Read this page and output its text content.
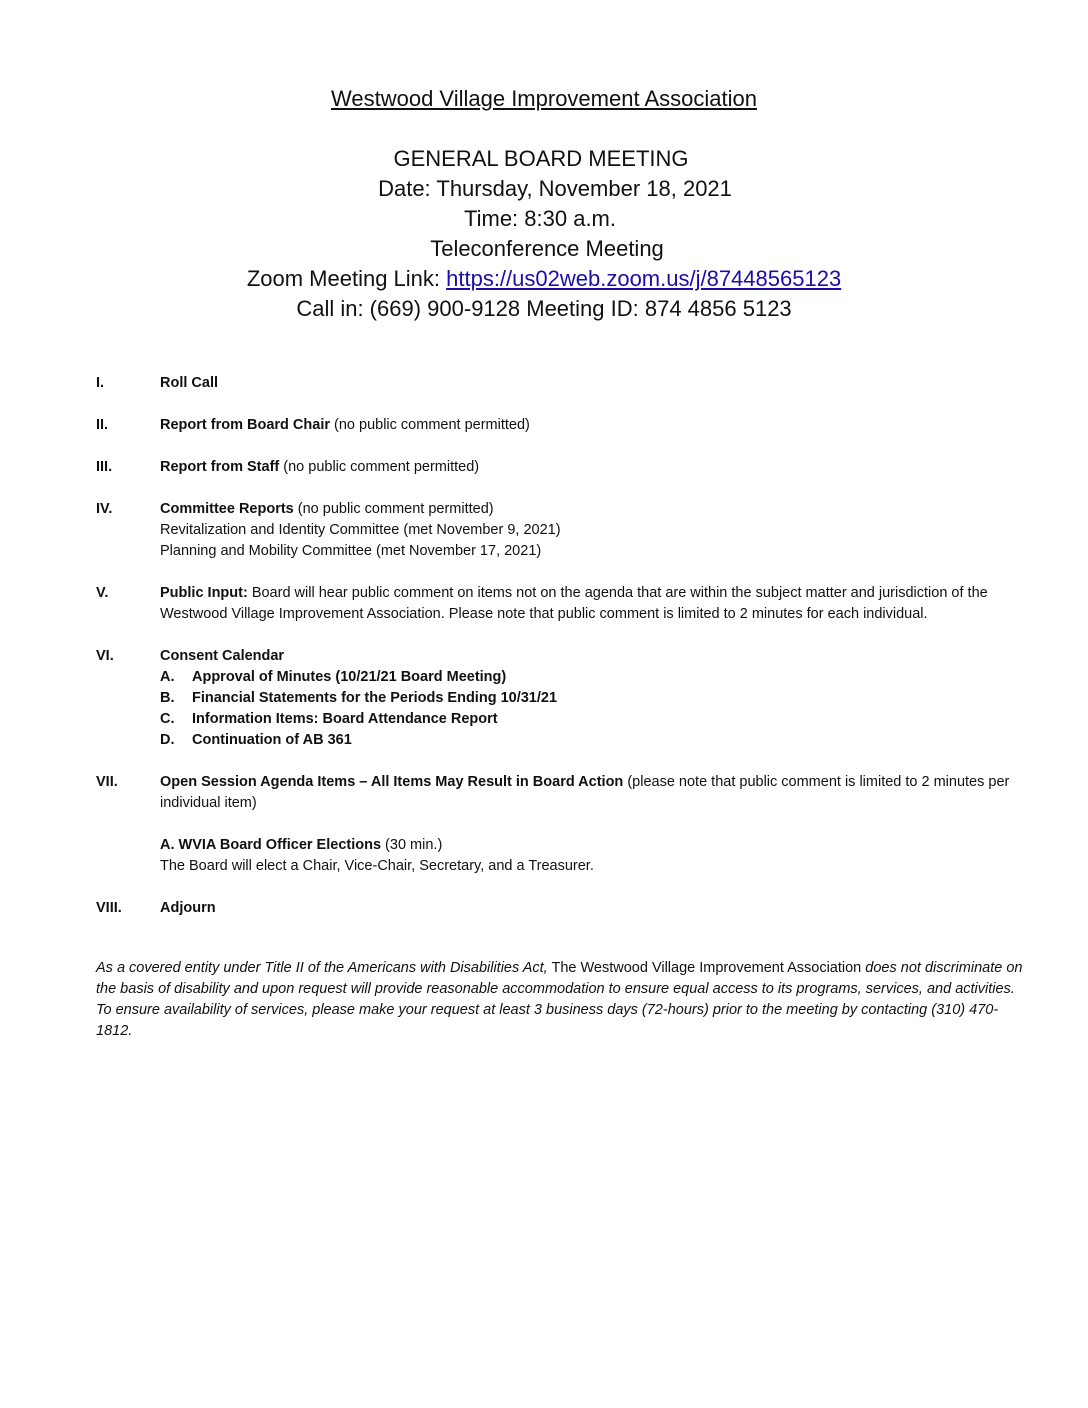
Westwood Village Improvement Association
GENERAL BOARD MEETING
Date: Thursday, November 18, 2021
Time: 8:30 a.m.
Teleconference Meeting
Zoom Meeting Link: https://us02web.zoom.us/j/87448565123
Call in: (669) 900-9128 Meeting ID: 874 4856 5123
I.	Roll Call
II.	Report from Board Chair (no public comment permitted)
III.	Report from Staff (no public comment permitted)
IV.	Committee Reports (no public comment permitted)
Revitalization and Identity Committee (met November 9, 2021)
Planning and Mobility Committee (met November 17, 2021)
V.	Public Input: Board will hear public comment on items not on the agenda that are within the subject matter and jurisdiction of the Westwood Village Improvement Association. Please note that public comment is limited to 2 minutes for each individual.
VI.	Consent Calendar
A.	Approval of Minutes (10/21/21 Board Meeting)
B.	Financial Statements for the Periods Ending 10/31/21
C.	Information Items: Board Attendance Report
D.	Continuation of AB 361
VII.	Open Session Agenda Items – All Items May Result in Board Action (please note that public comment is limited to 2 minutes per individual item)
A. WVIA Board Officer Elections (30 min.)
The Board will elect a Chair, Vice-Chair, Secretary, and a Treasurer.
VIII.	Adjourn
As a covered entity under Title II of the Americans with Disabilities Act, The Westwood Village Improvement Association does not discriminate on the basis of disability and upon request will provide reasonable accommodation to ensure equal access to its programs, services, and activities. To ensure availability of services, please make your request at least 3 business days (72-hours) prior to the meeting by contacting (310) 470-1812.
